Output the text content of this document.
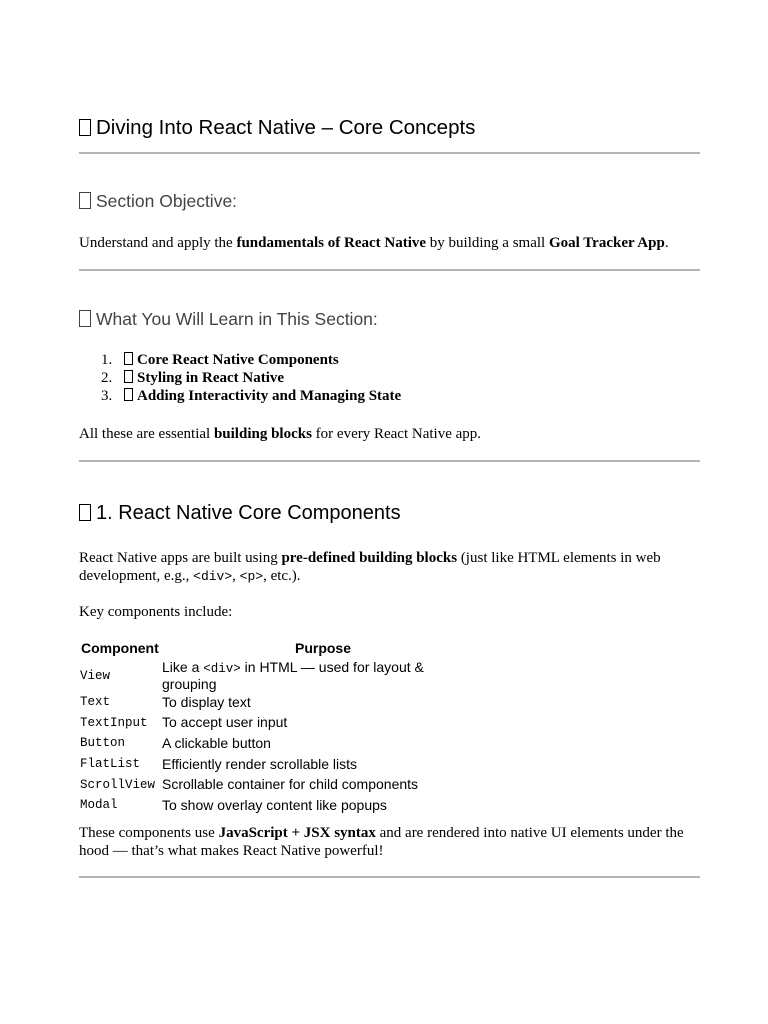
Diving Into React Native – Core Concepts
Section Objective:
Understand and apply the fundamentals of React Native by building a small Goal Tracker App.
What You Will Learn in This Section:
1. Core React Native Components
2. Styling in React Native
3. Adding Interactivity and Managing State
All these are essential building blocks for every React Native app.
1. React Native Core Components
React Native apps are built using pre-defined building blocks (just like HTML elements in web development, e.g., <div>, <p>, etc.).
Key components include:
Component	Purpose
View	Like a <div> in HTML — used for layout & grouping
Text	To display text
TextInput	To accept user input
Button	A clickable button
FlatList	Efficiently render scrollable lists
ScrollView	Scrollable container for child components
Modal	To show overlay content like popups
These components use JavaScript + JSX syntax and are rendered into native UI elements under the hood — that’s what makes React Native powerful!
